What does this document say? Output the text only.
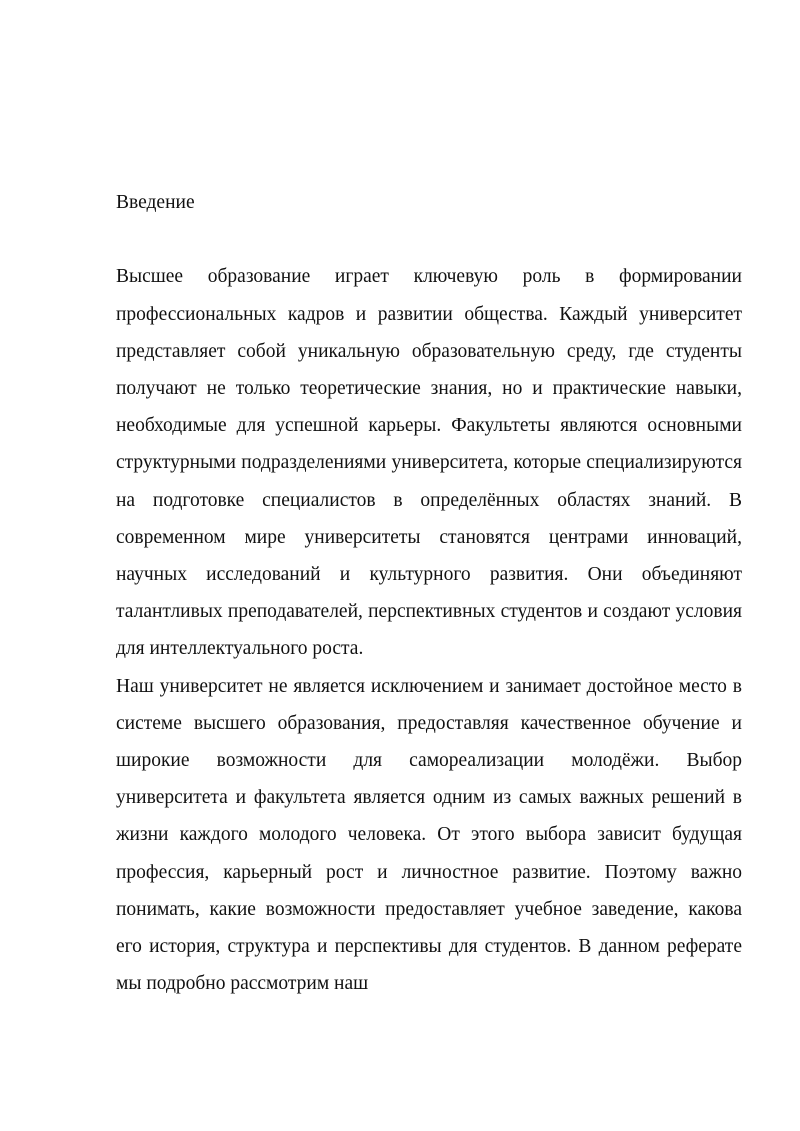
Введение

Высшее образование играет ключевую роль в формировании профессиональных кадров и развитии общества. Каждый университет представляет собой уникальную образовательную среду, где студенты получают не только теоретические знания, но и практические навыки, необходимые для успешной карьеры. Факультеты являются основными структурными подразделениями университета, которые специализируются на подготовке специалистов в определённых областях знаний. В современном мире университеты становятся центрами инноваций, научных исследований и культурного развития. Они объединяют талантливых преподавателей, перспективных студентов и создают условия для интеллектуального роста.

Наш университет не является исключением и занимает достойное место в системе высшего образования, предоставляя качественное обучение и широкие возможности для самореализации молодёжи. Выбор университета и факультета является одним из самых важных решений в жизни каждого молодого человека. От этого выбора зависит будущая профессия, карьерный рост и личностное развитие. Поэтому важно понимать, какие возможности предоставляет учебное заведение, какова его история, структура и перспективы для студентов. В данном реферате мы подробно рассмотрим наш
